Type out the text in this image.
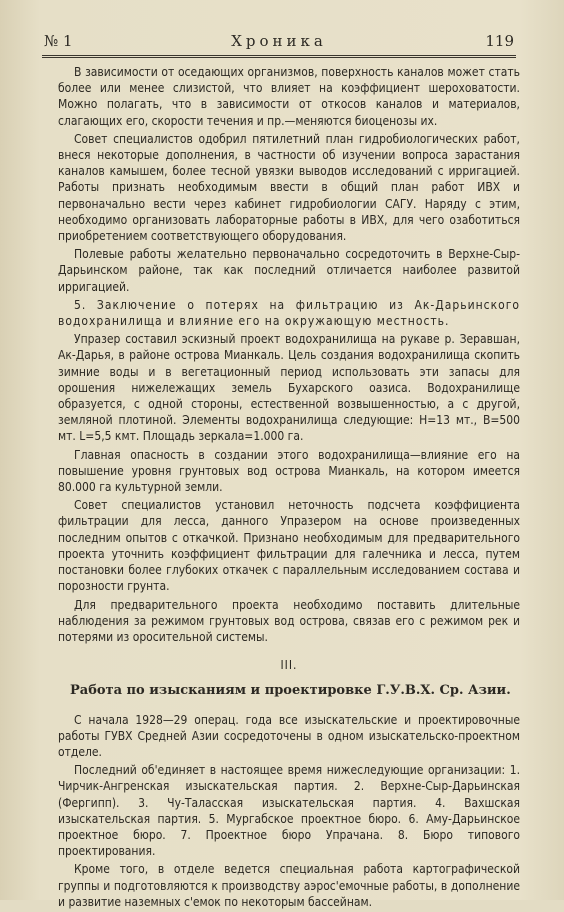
№ 1	Хроника	119

В зависимости от оседающих организмов, поверхность каналов может стать более или менее слизистой, что влияет на коэффициент шероховатости. Можно полагать, что в зависимости от откосов каналов и материалов, слагающих его, скорости течения и пр.—меняются биоценозы их.

Совет специалистов одобрил пятилетний план гидробиологических работ, внеся некоторые дополнения, в частности об изучении вопроса зарастания каналов камышем, более тесной увязки выводов исследований с ирригацией. Работы признать необходимым ввести в общий план работ ИВХ и первоначально вести через кабинет гидробиологии САГУ. Наряду с этим, необходимо организовать лабораторные работы в ИВХ, для чего озаботиться приобретением соответствующего оборудования.

Полевые работы желательно первоначально сосредоточить в Верхне-Сыр-Дарьинском районе, так как последний отличается наиболее развитой ирригацией.

5. Заключение о потерях на фильтрацию из Ак-Дарьинского водохранилища и влияние его на окружающую местность.

Упразер составил эскизный проект водохранилища на рукаве р. Зеравшан, Ак-Дарья, в районе острова Мианкаль. Цель создания водохранилища скопить зимние воды и в вегетационный период использовать эти запасы для орошения нижележащих земель Бухарского оазиса. Водохранилище образуется, с одной стороны, естественной возвышенностью, а с другой, земляной плотиной. Элементы водохранилища следующие: H=13 мт., B=500 мт. L=5,5 кмт. Площадь зеркала=1.000 га.

Главная опасность в создании этого водохранилища—влияние его на повышение уровня грунтовых вод острова Мианкаль, на котором имеется 80.000 га культурной земли.

Совет специалистов установил неточность подсчета коэффициента фильтрации для лесса, данного Упразером на основе произведенных последним опытов с откачкой. Признано необходимым для предварительного проекта уточнить коэффициент фильтрации для галечника и лесса, путем постановки более глубоких откачек с параллельным исследованием состава и порозности грунта.

Для предварительного проекта необходимо поставить длительные наблюдения за режимом грунтовых вод острова, связав его с режимом рек и потерями из оросительной системы.

III.
Работа по изысканиям и проектировке Г.У.В.Х. Ср. Азии.

С начала 1928—29 операц. года все изыскательские и проектировочные работы ГУВХ Средней Азии сосредоточены в одном изыскательско-проектном отделе.

Последний об'единяет в настоящее время нижеследующие организации: 1. Чирчик-Ангренская изыскательская партия. 2. Верхне-Сыр-Дарьинская (Фергипп). 3. Чу-Таласская изыскательская партия. 4. Вахшская изыскательская партия. 5. Мургабское проектное бюро. 6. Аму-Дарьинское проектное бюро. 7. Проектное бюро Упрачана. 8. Бюро типового проектирования.

Кроме того, в отделе ведется специальная работа картографической группы и подготовляются к производству аэрос'емочные работы, в дополнение и развитие наземных с'емок по некоторым бассейнам.
